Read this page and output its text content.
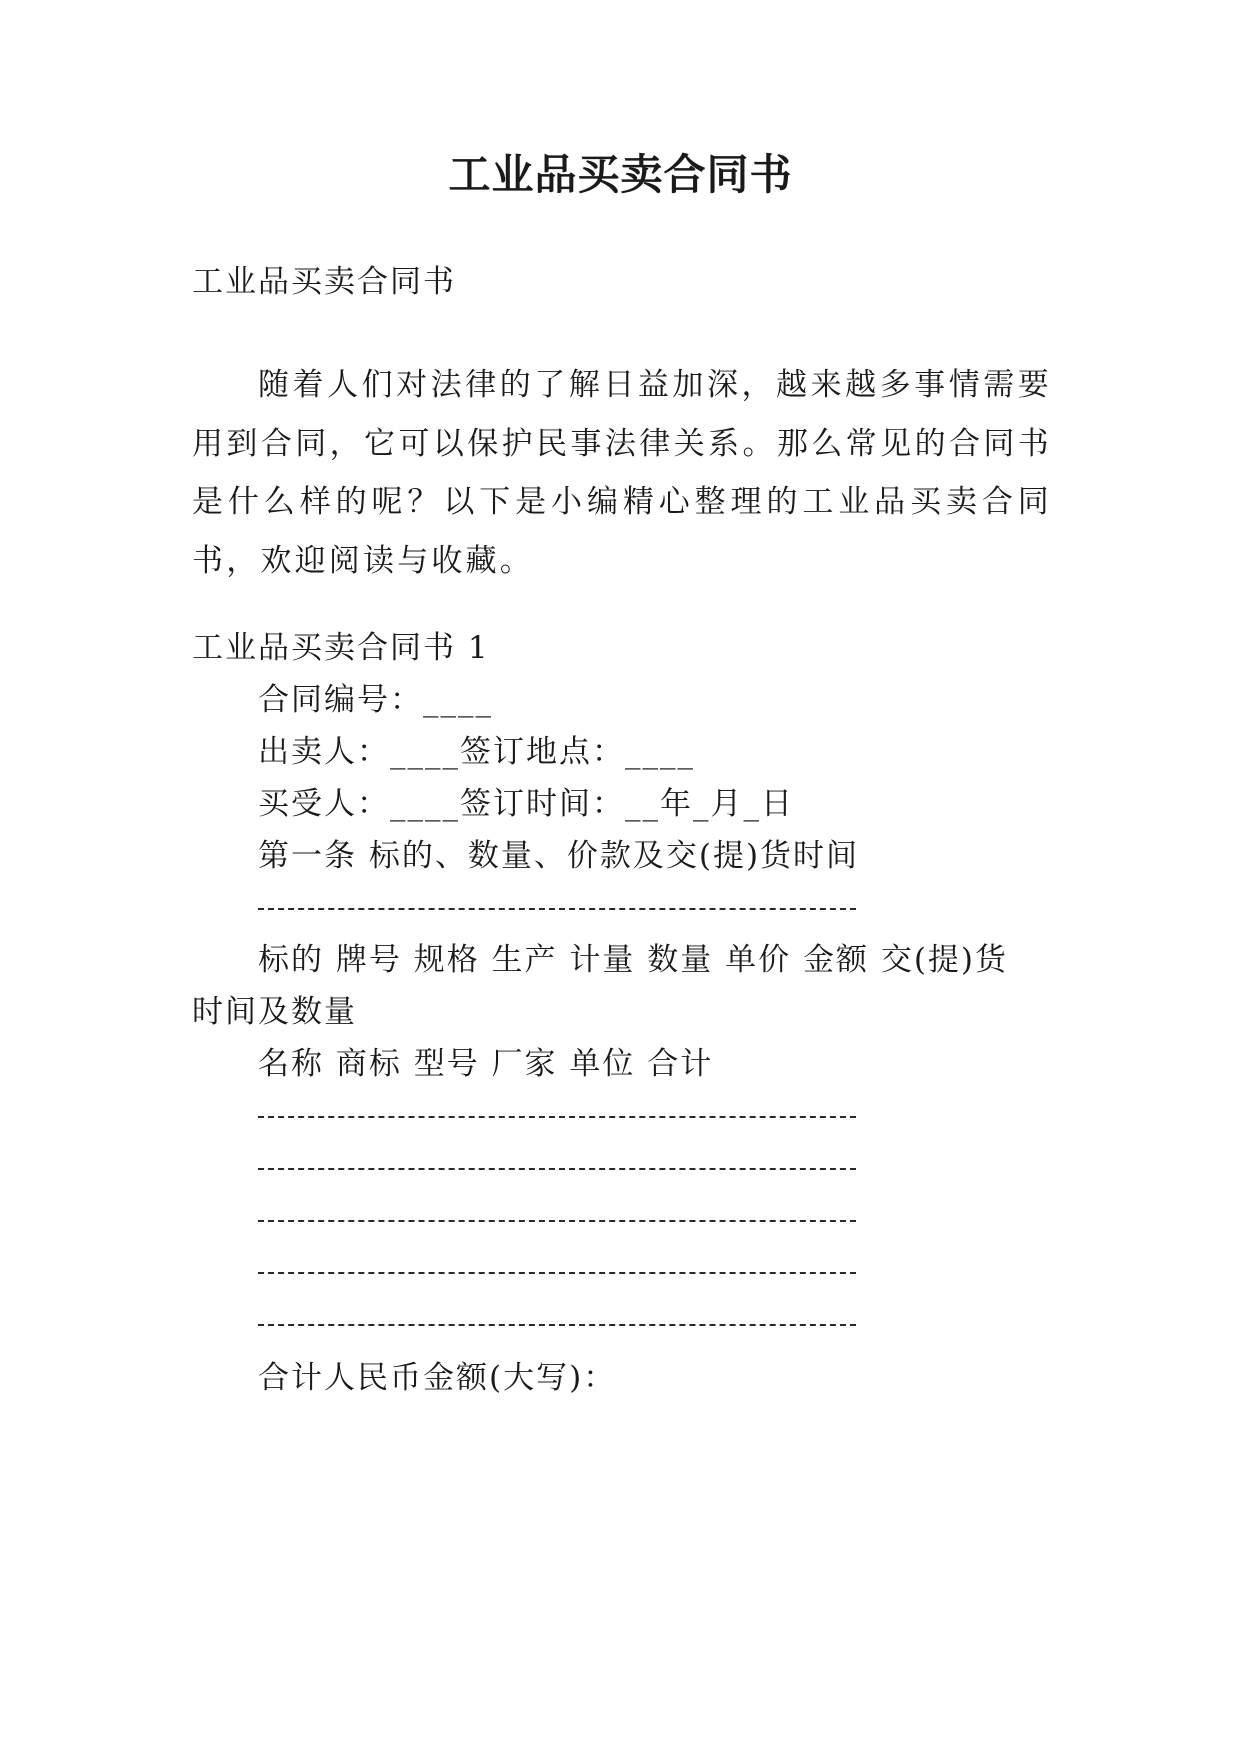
工业品买卖合同书
工业品买卖合同书
随着人们对法律的了解日益加深，越来越多事情需要用到合同，它可以保护民事法律关系。那么常见的合同书是什么样的呢？以下是小编精心整理的工业品买卖合同书，欢迎阅读与收藏。
工业品买卖合同书 1
合同编号：____
出卖人：____签订地点：____
买受人：____签订时间：__年_月_日
第一条 标的、数量、价款及交(提)货时间
标的 牌号 规格 生产 计量 数量 单价 金额 交(提)货
时间及数量
名称 商标 型号 厂家 单位 合计
合计人民币金额(大写)：
